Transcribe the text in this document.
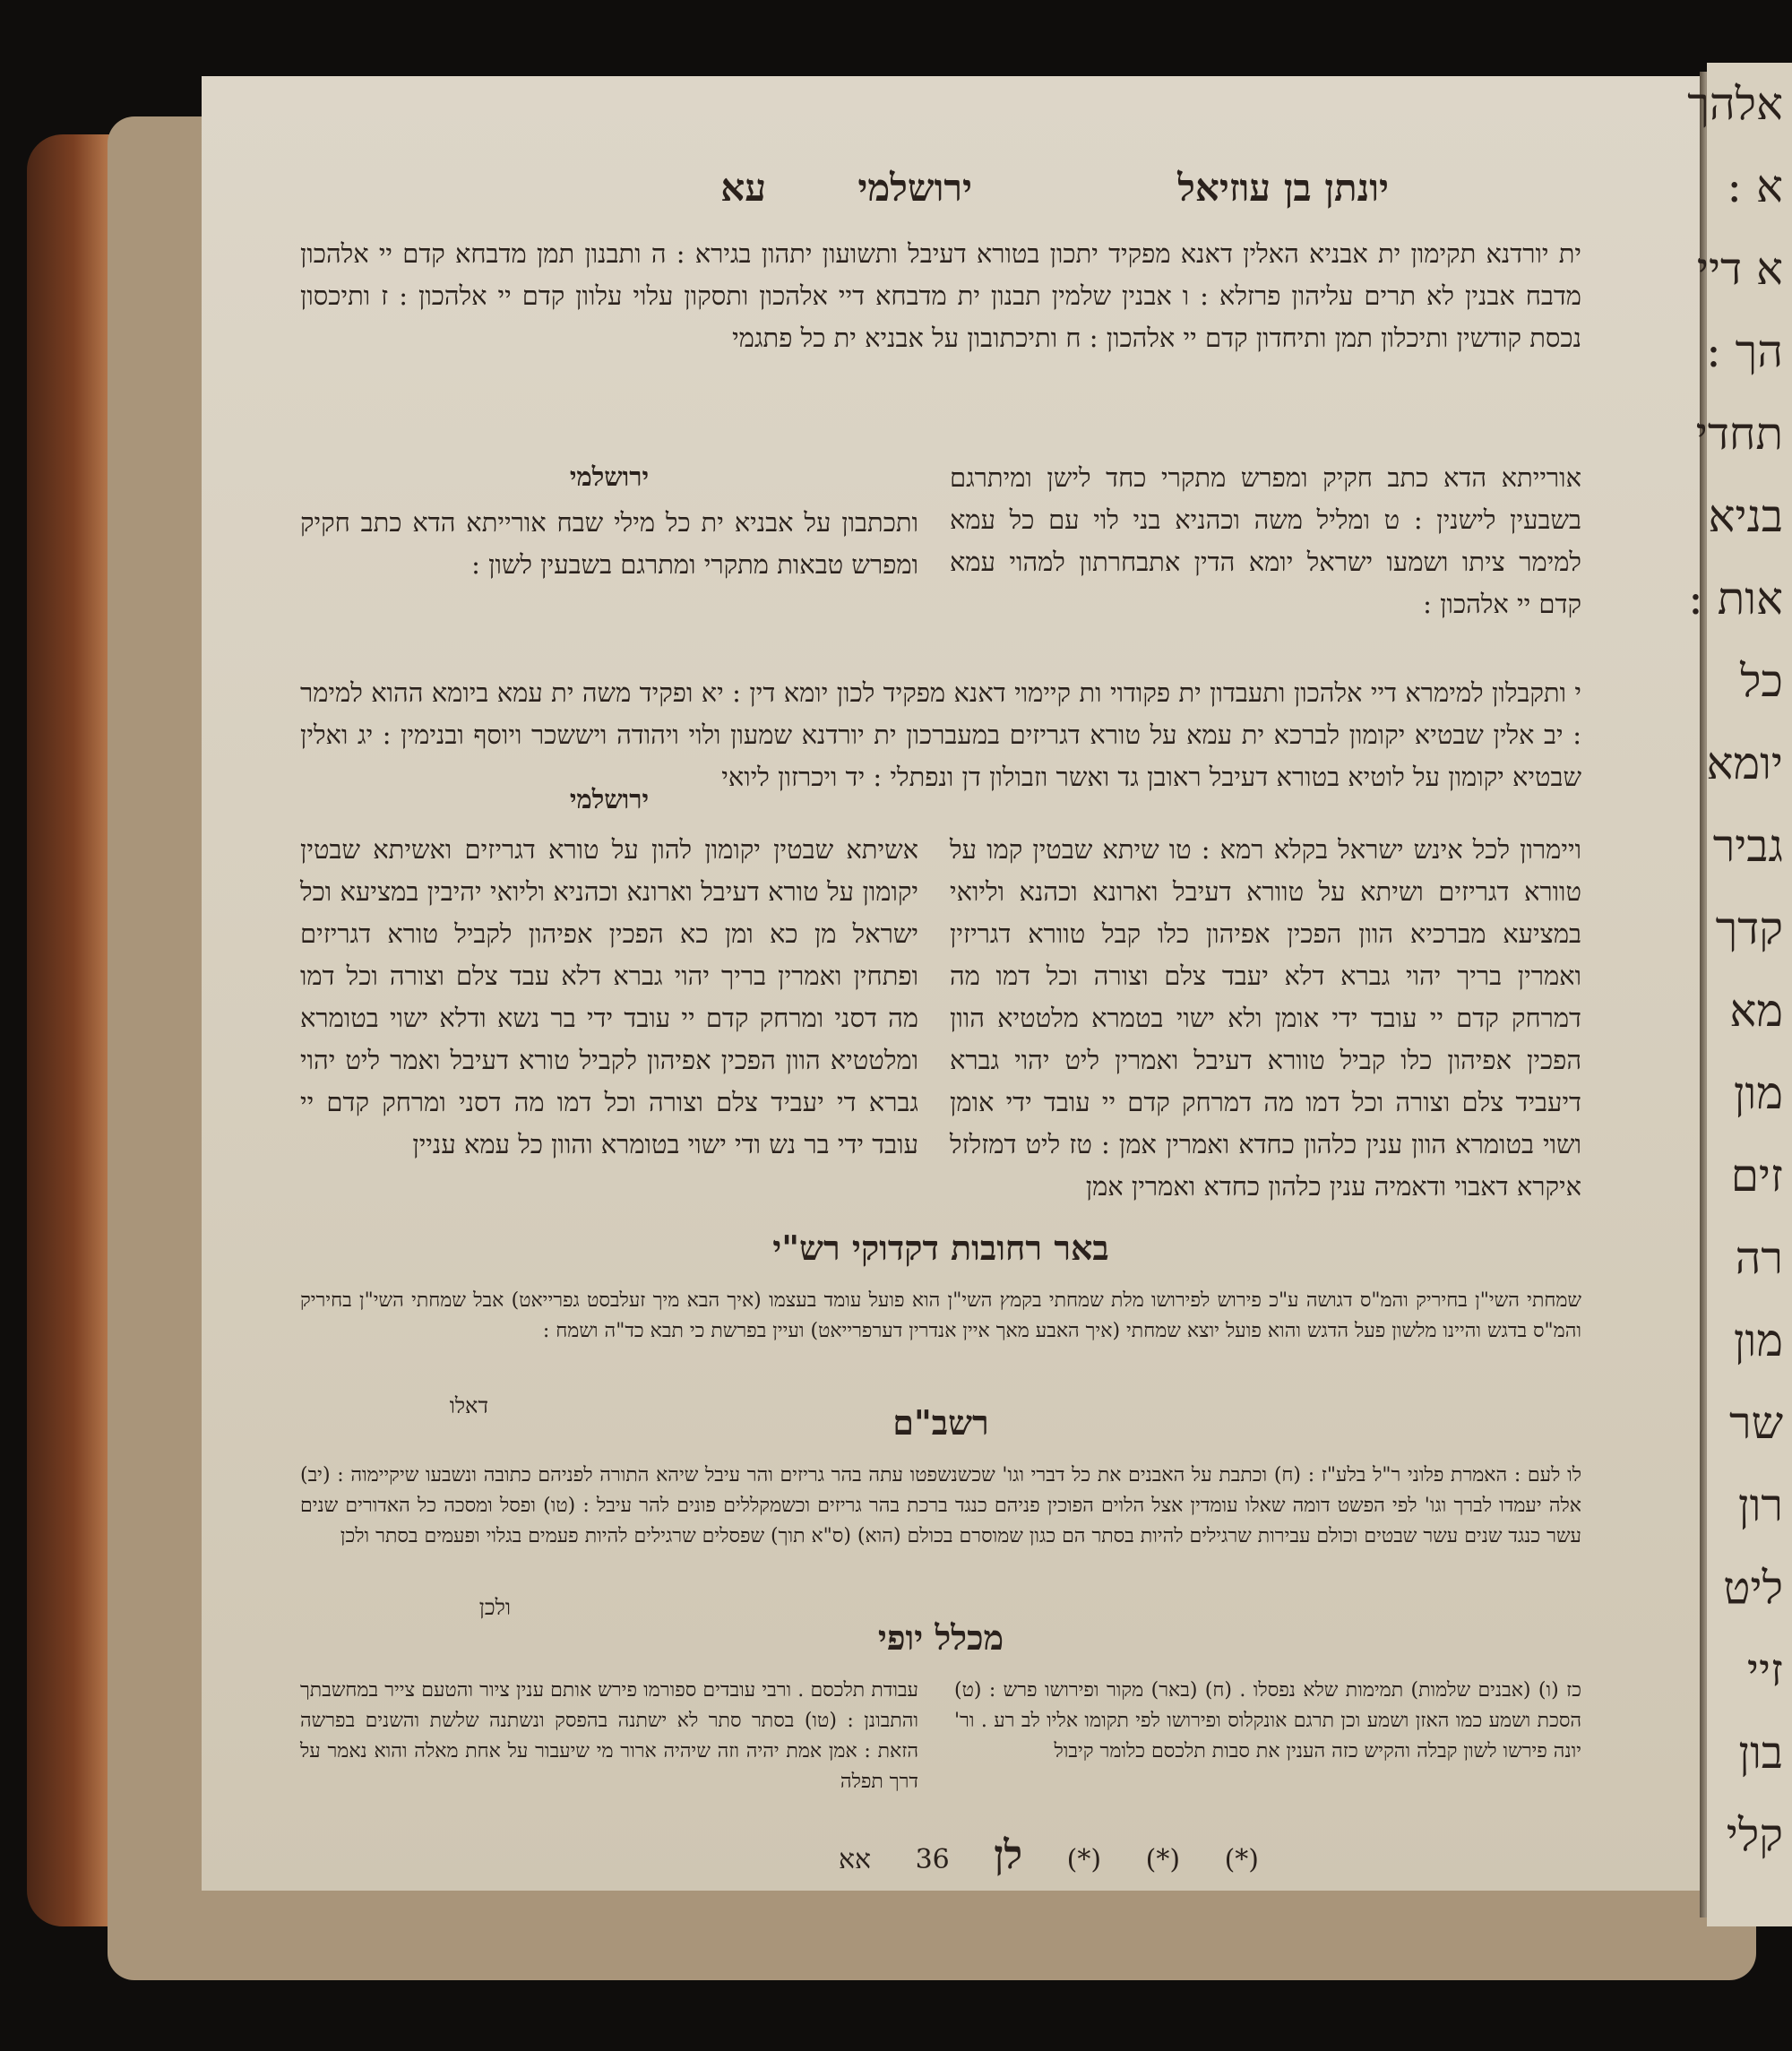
יונתן בן עוזיאל
ירושלמי
עא

ית יורדנא תקימון ית אבניא האלין דאנא מפקיד יתכון בטורא דעיבל ותשועון יתהון בגירא : ה ותבנון תמן מדבחא קדם יי אלהכון מדבח אבנין לא תרים עליהון פרזלא : ו אבנין שלמין תבנון ית מדבחא דיי אלהכון ותסקון עלוי עלוון קדם יי אלהכון : ז ותיכסון נכסת קודשין ותיכלון תמן ותיחדון קדם יי אלהכון : ח ותיכתובון על אבניא ית כל פתגמי

אורייתא הדא כתב חקיק ומפרש מתקרי כחד לישן ומיתרגם בשבעין לישנין : ט ומליל משה וכהניא בני לוי עם כל עמא למימר ציתו ושמעו ישראל יומא הדין אתבחרתון למהוי עמא קדם יי אלהכון :

ירושלמי

ותכתבון על אבניא ית כל מילי שבח אורייתא הדא כתב חקיק ומפרש טבאות מתקרי ומתרגם בשבעין לשון :

י ותקבלון למימרא דיי אלהכון ותעבדון ית פקודוי ות קיימוי דאנא מפקיד לכון יומא דין : יא ופקיד משה ית עמא ביומא ההוא למימר : יב אלין שבטיא יקומון לברכא ית עמא על טורא דגריזים במעברכון ית יורדנא שמעון ולוי ויהודה ויששכר ויוסף ובנימין : יג ואלין שבטיא יקומון על לוטיא בטורא דעיבל ראובן גד ואשר וזבולון דן ונפתלי : יד ויכרזון ליואי

ויימרון לכל אינש ישראל בקלא רמא : טו שיתא שבטין קמו על טוורא דגריזים ושיתא על טוורא דעיבל וארונא וכהנא וליואי במציעא מברכיא הוון הפכין אפיהון כלו קבל טוורא דגריזין ואמרין בריך יהוי גברא דלא יעבד צלם וצורה וכל דמו מה דמרחק קדם יי עובד ידי אומן ולא ישוי בטמרא מלטטיא הוון הפכין אפיהון כלו קביל טוורא דעיבל ואמרין ליט יהוי גברא דיעביד צלם וצורה וכל דמו מה דמרחק קדם יי עובד ידי אומן ושוי בטומרא הוון ענין כלהון כחדא ואמרין אמן : טז ליט דמזלזל איקרא דאבוי ודאמיה ענין כלהון כחדא ואמרין אמן

ירושלמי

אשיתא שבטין יקומון להון על טורא דגריזים ואשיתא שבטין יקומון על טורא דעיבל וארונא וכהניא וליואי יהיבין במציעא וכל ישראל מן כא ומן כא הפכין אפיהון לקביל טורא דגריזים ופתחין ואמרין בריך יהוי גברא דלא עבד צלם וצורה וכל דמו מה דסני ומרחק קדם יי עובד ידי בר נשא ודלא ישוי בטומרא ומלטטיא הוון הפכין אפיהון לקביל טורא דעיבל ואמר ליט יהוי גברא די יעביד צלם וצורה וכל דמו מה דסני ומרחק קדם יי עובד ידי בר נש ודי ישוי בטומרא והוון כל עמא עניין

באר רחובות דקדוקי רש"י

שמחתי השי"ן בחיריק והמ"ס דגושה ע"כ פירוש לפירושו מלת שמחתי בקמץ השי"ן הוא פועל עומד בעצמו (איך הבא מיך זעלבסט גפרייאט) אבל שמחתי השי"ן בחיריק והמ"ס בדגש והיינו מלשון פעל הדגש והוא פועל יוצא שמחתי (איך האבע מאך איין אנדרין דערפרייאט) ועיין בפרשת כי תבא כד"ה ושמח :

דאלו	רשב"ם

לו לעם : האמרת פלוני ר"ל בלע"ז : (ח) וכתבת על האבנים את כל דברי וגו' שכשנשפטו עתה בהר גריזים והר עיבל שיהא התורה לפניהם כתובה ונשבעו שיקיימוה : (יב) אלה יעמדו לברך וגו' לפי הפשט דומה שאלו עומדין אצל הלוים הפוכין פניהם כנגד ברכת בהר גריזים וכשמקללים פונים להר עיבל : (טו) ופסל ומסכה כל האדורים שנים עשר כנגד שנים עשר שבטים וכולם עבירות שרגילים להיות בסתר הם כגון שמוסרם בכולם (הוא) (ס"א תוך) שפסלים שרגילים להיות פעמים בגלוי ופעמים בסתר ולכן

ולכן
מכלל יופי

כז (ו) (אבנים שלמות) תמימות שלא נפסלו . (ח) (באר) מקור ופירושו פרש : (ט) הסכת ושמע כמו האזן ושמע וכן תרגם אונקלוס ופירושו לפי תקומו אליו לב רע . ור' יונה פירשו לשון קבלה והקיש כזה הענין את סבות תלכסם כלומר קיבול

עבודת תלכסם . ורבי עובדים ספורמו פירש אותם ענין ציור והטעם צייר במחשבתך והתבונן : (טו) בסתר סתר לא ישתנה בהפסק ונשתנה שלשת והשנים בפרשה הזאת : אמן אמת יהיה וזה שיהיה ארור מי שיעבור על אחת מאלה והוא נאמר על דרך תפלה

(*) (*) (*) לן 36 אא
אלהך
א :
א דיי
הך :
תחדי
בניא
אות :
כל
יומא
גביר
קדך
מא
מון
זים
רה
מון
שר
רון
ליט
זיי
בון
קלי
